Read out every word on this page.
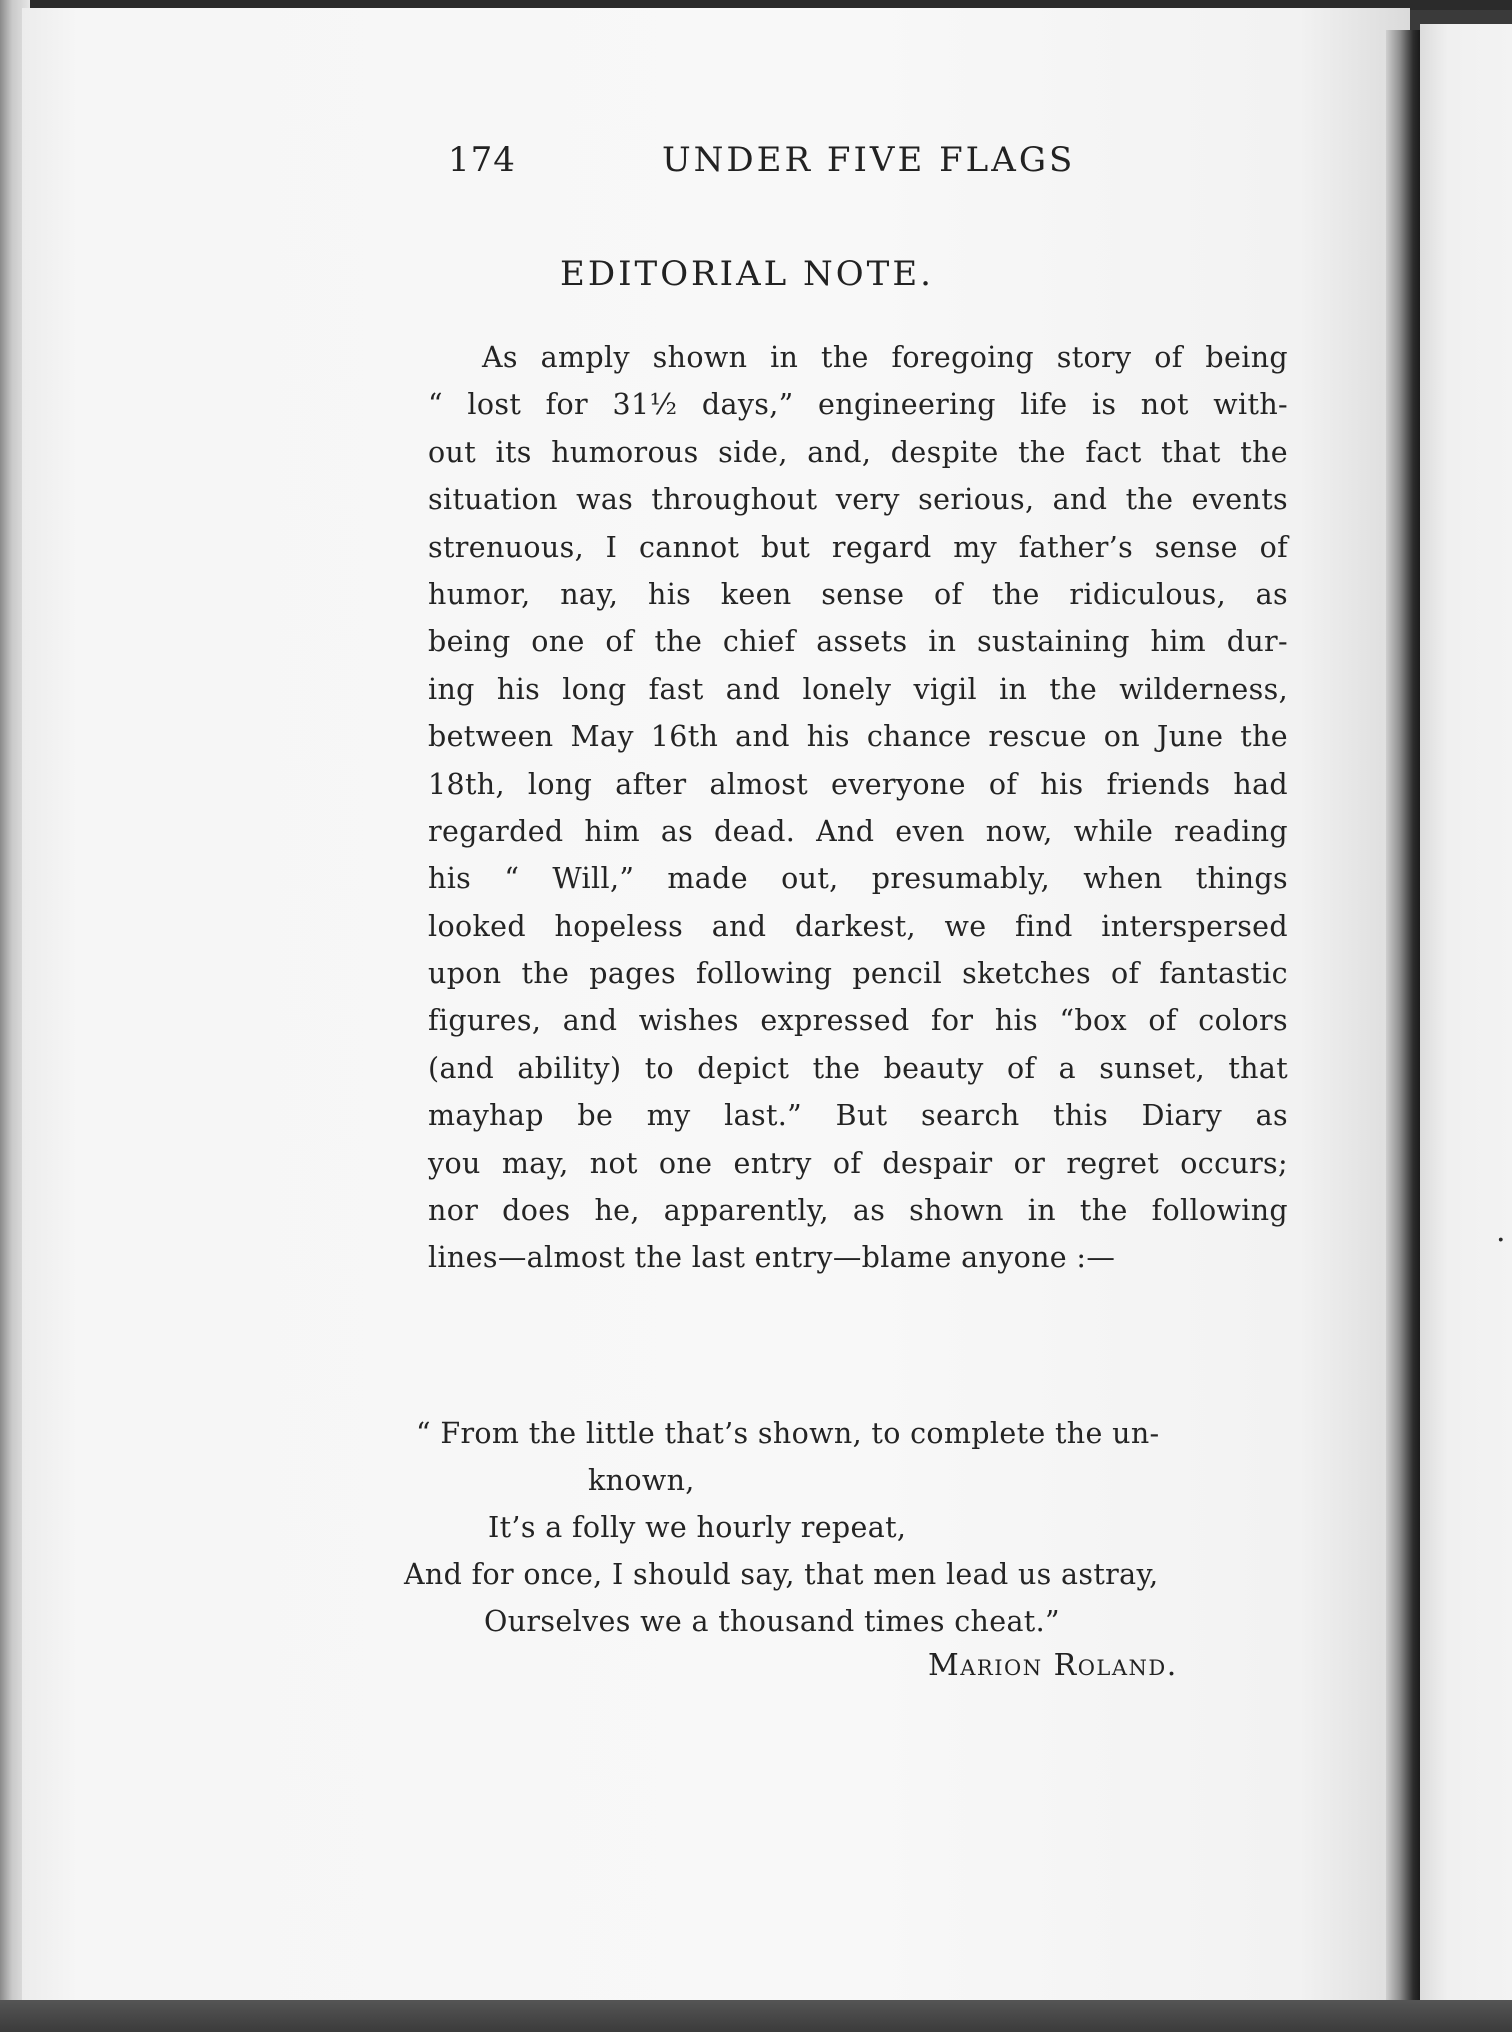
.
174	UNDER FIVE FLAGS
EDITORIAL NOTE.
As amply shown in the foregoing story of being
“ lost for 31½ days,” engineering life is not with-
out its humorous side, and, despite the fact that the
situation was throughout very serious, and the events
strenuous, I cannot but regard my father’s sense of
humor, nay, his keen sense of the ridiculous, as
being one of the chief assets in sustaining him dur-
ing his long fast and lonely vigil in the wilderness,
between May 16th and his chance rescue on June the
18th, long after almost everyone of his friends had
regarded him as dead. And even now, while reading
his “ Will,” made out, presumably, when things
looked hopeless and darkest, we find interspersed
upon the pages following pencil sketches of fantastic
figures, and wishes expressed for his “box of colors
(and ability) to depict the beauty of a sunset, that
mayhap be my last.” But search this Diary as
you may, not one entry of despair or regret occurs;
nor does he, apparently, as shown in the following
lines—almost the last entry—blame anyone :—
“ From the little that’s shown, to complete the un-
known,
It’s a folly we hourly repeat,
And for once, I should say, that men lead us astray,
Ourselves we a thousand times cheat.”
Marion Roland.
